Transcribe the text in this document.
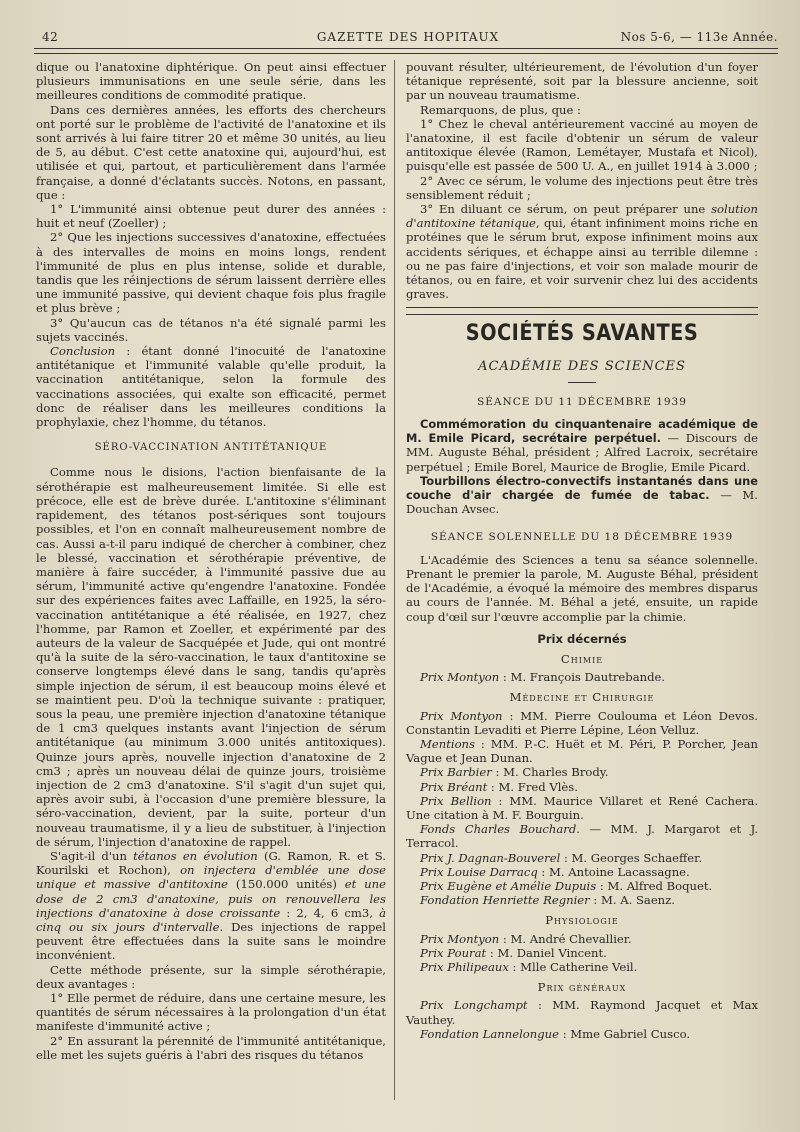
42	GAZETTE DES HOPITAUX	Nos 5-6, — 113e Année.

dique ou l'anatoxine diphtérique. On peut ainsi effectuer plusieurs immunisations en une seule série, dans les meilleures conditions de commodité pratique.

Dans ces dernières années, les efforts des chercheurs ont porté sur le problème de l'activité de l'anatoxine et ils sont arrivés à lui faire titrer 20 et même 30 unités, au lieu de 5, au début. C'est cette anatoxine qui, aujourd'hui, est utilisée et qui, partout, et particulièrement dans l'armée française, a donné d'éclatants succès. Notons, en passant, que :

1° L'immunité ainsi obtenue peut durer des années : huit et neuf (Zoeller) ;

2° Que les injections successives d'anatoxine, effectuées à des intervalles de moins en moins longs, rendent l'immunité de plus en plus intense, solide et durable, tandis que les réinjections de sérum laissent derrière elles une immunité passive, qui devient chaque fois plus fragile et plus brève ;

3° Qu'aucun cas de tétanos n'a été signalé parmi les sujets vaccinés.

Conclusion : étant donné l'inocuité de l'anatoxine antitétanique et l'immunité valable qu'elle produit, la vaccination antitétanique, selon la formule des vaccinations associées, qui exalte son efficacité, permet donc de réaliser dans les meilleures conditions la prophylaxie, chez l'homme, du tétanos.

SÉRO-VACCINATION ANTITÉTANIQUE

Comme nous le disions, l'action bienfaisante de la sérothérapie est malheureusement limitée. Si elle est précoce, elle est de brève durée. L'antitoxine s'éliminant rapidement, des tétanos post-sériques sont toujours possibles, et l'on en connaît malheureusement nombre de cas. Aussi a-t-il paru indiqué de chercher à combiner, chez le blessé, vaccination et sérothérapie préventive, de manière à faire succéder, à l'immunité passive due au sérum, l'immunité active qu'engendre l'anatoxine. Fondée sur des expériences faites avec Laffaille, en 1925, la séro-vaccination antitétanique a été réalisée, en 1927, chez l'homme, par Ramon et Zoeller, et expérimenté par des auteurs de la valeur de Sacquépée et Jude, qui ont montré qu'à la suite de la séro-vaccination, le taux d'antitoxine se conserve longtemps élevé dans le sang, tandis qu'après simple injection de sérum, il est beaucoup moins élevé et se maintient peu. D'où la technique suivante : pratiquer, sous la peau, une première injection d'anatoxine tétanique de 1 cm3 quelques instants avant l'injection de sérum antitétanique (au minimum 3.000 unités antitoxiques). Quinze jours après, nouvelle injection d'anatoxine de 2 cm3 ; après un nouveau délai de quinze jours, troisième injection de 2 cm3 d'anatoxine. S'il s'agit d'un sujet qui, après avoir subi, à l'occasion d'une première blessure, la séro-vaccination, devient, par la suite, porteur d'un nouveau traumatisme, il y a lieu de substituer, à l'injection de sérum, l'injection d'anatoxine de rappel.

S'agit-il d'un tétanos en évolution (G. Ramon, R. et S. Kourilski et Rochon), on injectera d'emblée une dose unique et massive d'antitoxine (150.000 unités) et une dose de 2 cm3 d'anatoxine, puis on renouvellera les injections d'anatoxine à dose croissante : 2, 4, 6 cm3, à cinq ou six jours d'intervalle. Des injections de rappel peuvent être effectuées dans la suite sans le moindre inconvénient.

Cette méthode présente, sur la simple sérothérapie, deux avantages :

1° Elle permet de réduire, dans une certaine mesure, les quantités de sérum nécessaires à la prolongation d'un état manifeste d'immunité active ;

2° En assurant la pérennité de l'immunité antitétanique, elle met les sujets guéris à l'abri des risques du tétanos

pouvant résulter, ultérieurement, de l'évolution d'un foyer tétanique représenté, soit par la blessure ancienne, soit par un nouveau traumatisme.

Remarquons, de plus, que :

1° Chez le cheval antérieurement vacciné au moyen de l'anatoxine, il est facile d'obtenir un sérum de valeur antitoxique élevée (Ramon, Lemétayer, Mustafa et Nicol), puisqu'elle est passée de 500 U. A., en juillet 1914 à 3.000 ;

2° Avec ce sérum, le volume des injections peut être très sensiblement réduit ;

3° En diluant ce sérum, on peut préparer une solution d'antitoxine tétanique, qui, étant infiniment moins riche en protéines que le sérum brut, expose infiniment moins aux accidents sériques, et échappe ainsi au terrible dilemne : ou ne pas faire d'injections, et voir son malade mourir de tétanos, ou en faire, et voir survenir chez lui des accidents graves.

SOCIÉTÉS SAVANTES
ACADÉMIE DES SCIENCES
SÉANCE DU 11 DÉCEMBRE 1939

Commémoration du cinquantenaire académique de M. Emile Picard, secrétaire perpétuel. — Discours de MM. Auguste Béhal, président ; Alfred Lacroix, secrétaire perpétuel ; Emile Borel, Maurice de Broglie, Emile Picard.

Tourbillons électro-convectifs instantanés dans une couche d'air chargée de fumée de tabac. — M. Douchan Avsec.

SÉANCE SOLENNELLE DU 18 DÉCEMBRE 1939

L'Académie des Sciences a tenu sa séance solennelle. Prenant le premier la parole, M. Auguste Béhal, président de l'Académie, a évoqué la mémoire des membres disparus au cours de l'année. M. Béhal a jeté, ensuite, un rapide coup d'œil sur l'œuvre accomplie par la chimie.

Prix décernés
Chimie

Prix Montyon : M. François Dautrebande.

Médecine et Chirurgie

Prix Montyon : MM. Pierre Coulouma et Léon Devos. Constantin Levaditi et Pierre Lépine, Léon Velluz.

Mentions : MM. P.-C. Huët et M. Péri, P. Porcher, Jean Vague et Jean Dunan.

Prix Barbier : M. Charles Brody.

Prix Bréant : M. Fred Vlès.

Prix Bellion : MM. Maurice Villaret et René Cachera. Une citation à M. F. Bourguin.

Fonds Charles Bouchard. — MM. J. Margarot et J. Terracol.

Prix J. Dagnan-Bouverel : M. Georges Schaeffer.

Prix Louise Darracq : M. Antoine Lacassagne.

Prix Eugène et Amélie Dupuis : M. Alfred Boquet.

Fondation Henriette Regnier : M. A. Saenz.

Physiologie

Prix Montyon : M. André Chevallier.

Prix Pourat : M. Daniel Vincent.

Prix Philipeaux : Mlle Catherine Veil.

Prix généraux

Prix Longchampt : MM. Raymond Jacquet et Max Vauthey.

Fondation Lannelongue : Mme Gabriel Cusco.
